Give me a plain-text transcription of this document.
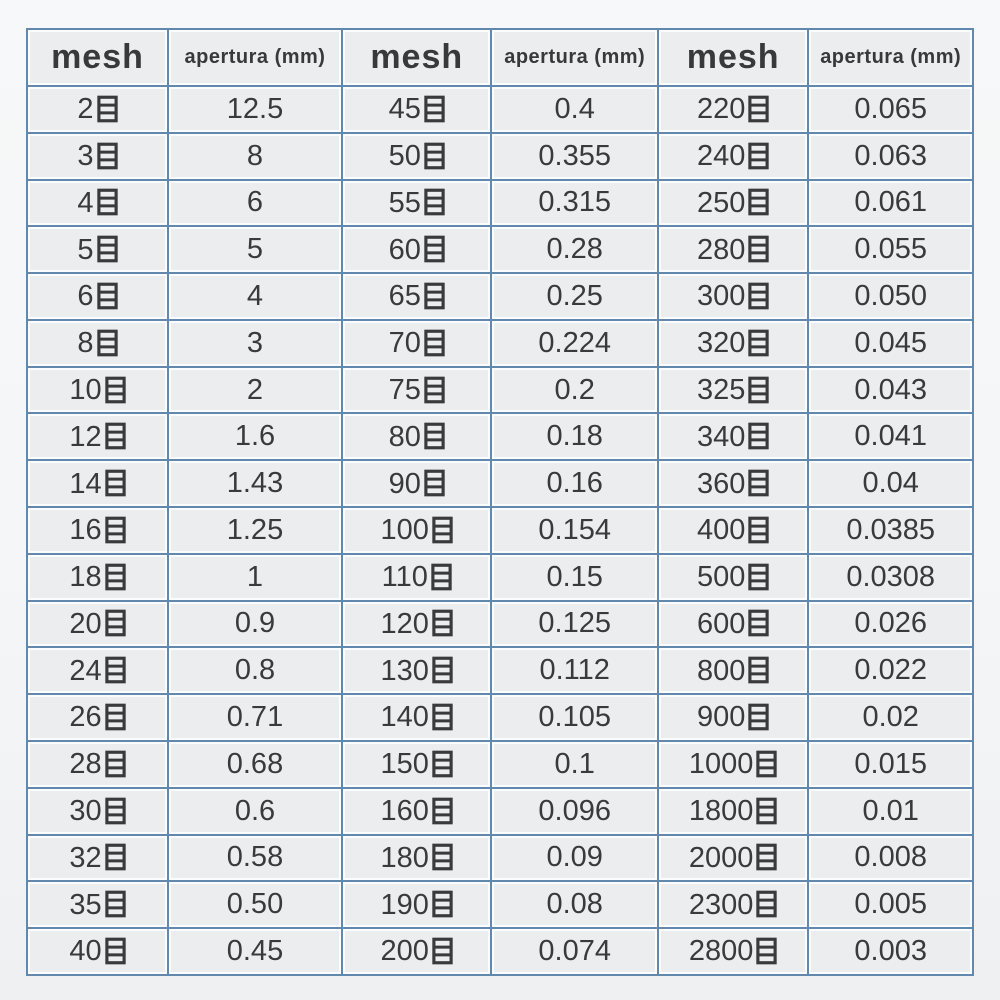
mesh	apertura (mm)	mesh	apertura (mm)	mesh	apertura (mm)
2	12.5	45	0.4	220	0.065
3	8	50	0.355	240	0.063
4	6	55	0.315	250	0.061
5	5	60	0.28	280	0.055
6	4	65	0.25	300	0.050
8	3	70	0.224	320	0.045
10	2	75	0.2	325	0.043
12	1.6	80	0.18	340	0.041
14	1.43	90	0.16	360	0.04
16	1.25	100	0.154	400	0.0385
18	1	110	0.15	500	0.0308
20	0.9	120	0.125	600	0.026
24	0.8	130	0.112	800	0.022
26	0.71	140	0.105	900	0.02
28	0.68	150	0.1	1000	0.015
30	0.6	160	0.096	1800	0.01
32	0.58	180	0.09	2000	0.008
35	0.50	190	0.08	2300	0.005
40	0.45	200	0.074	2800	0.003
